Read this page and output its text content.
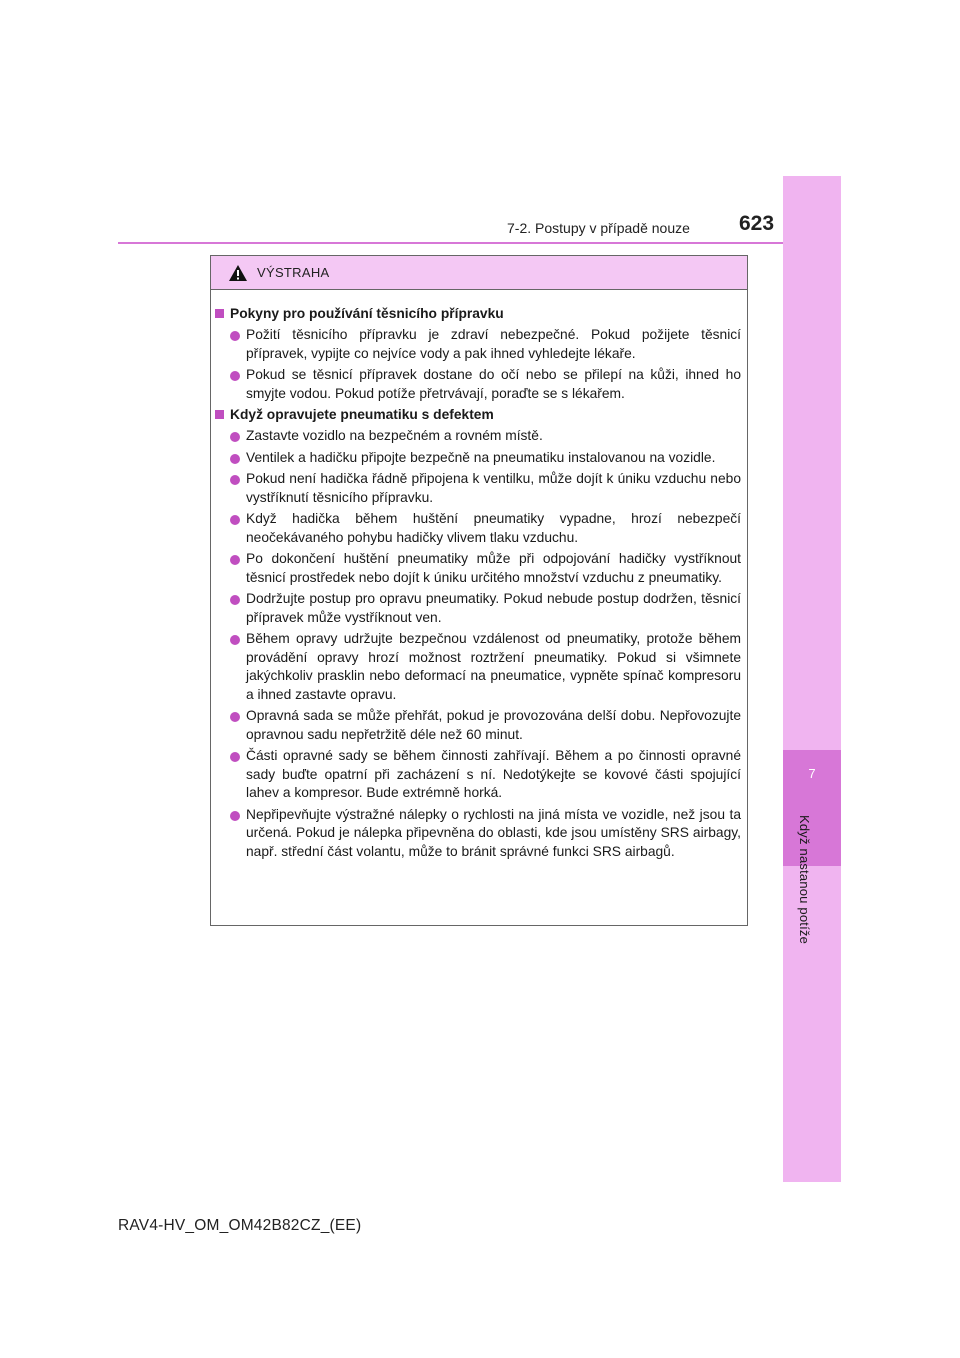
7
Když nastanou potíže
7-2. Postupy v případě nouze 623
VÝSTRAHA
Pokyny pro používání těsnicího přípravku
Požití těsnicího přípravku je zdraví nebezpečné. Pokud požijete těsnicí přípravek, vypijte co nejvíce vody a pak ihned vyhledejte lékaře.
Pokud se těsnicí přípravek dostane do očí nebo se přilepí na kůži, ihned ho smyjte vodou. Pokud potíže přetrvávají, poraďte se s lékařem.
Když opravujete pneumatiku s defektem
Zastavte vozidlo na bezpečném a rovném místě.
Ventilek a hadičku připojte bezpečně na pneumatiku instalovanou na vozidle.
Pokud není hadička řádně připojena k ventilku, může dojít k úniku vzduchu nebo vystříknutí těsnicího přípravku.
Když hadička během huštění pneumatiky vypadne, hrozí nebezpečí neočekávaného pohybu hadičky vlivem tlaku vzduchu.
Po dokončení huštění pneumatiky může při odpojování hadičky vystříknout těsnicí prostředek nebo dojít k úniku určitého množství vzduchu z pneumatiky.
Dodržujte postup pro opravu pneumatiky. Pokud nebude postup dodržen, těsnicí přípravek může vystříknout ven.
Během opravy udržujte bezpečnou vzdálenost od pneumatiky, protože během provádění opravy hrozí možnost roztržení pneumatiky. Pokud si všimnete jakýchkoliv prasklin nebo deformací na pneumatice, vypněte spínač kompresoru a ihned zastavte opravu.
Opravná sada se může přehřát, pokud je provozována delší dobu. Nepřovozujte opravnou sadu nepřetržitě déle než 60 minut.
Části opravné sady se během činnosti zahřívají. Během a po činnosti opravné sady buďte opatrní při zacházení s ní. Nedotýkejte se kovové části spojující lahev a kompresor. Bude extrémně horká.
Nepřipevňujte výstražné nálepky o rychlosti na jiná místa ve vozidle, než jsou ta určená. Pokud je nálepka připevněna do oblasti, kde jsou umístěny SRS airbagy, např. střední část volantu, může to bránit správné funkci SRS airbagů.
RAV4-HV_OM_OM42B82CZ_(EE)
